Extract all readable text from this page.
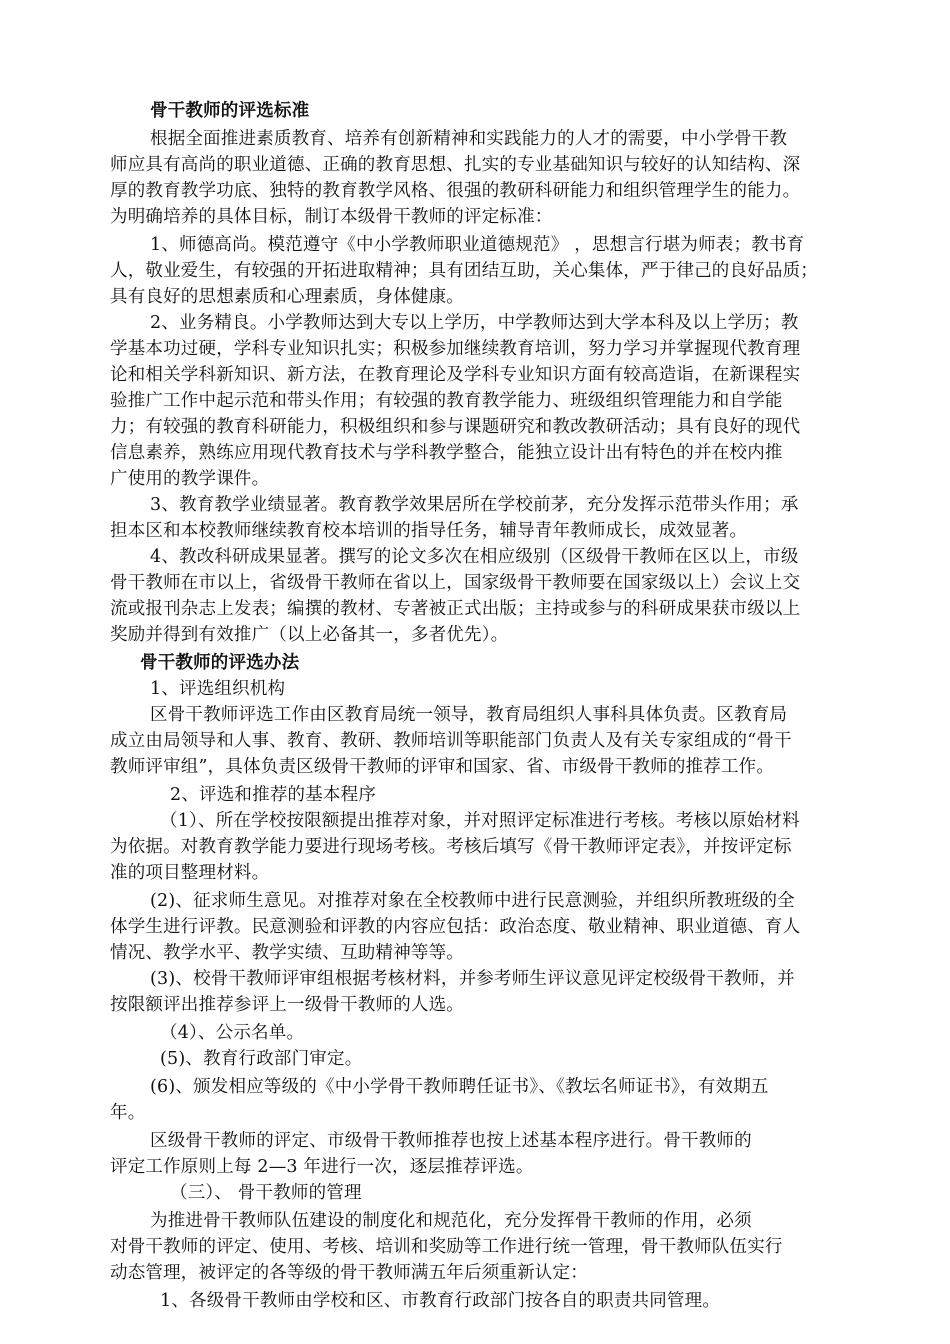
骨干教师的评选标准
根据全面推进素质教育、培养有创新精神和实践能力的人才的需要，中小学骨干教
师应具有高尚的职业道德、正确的教育思想、扎实的专业基础知识与较好的认知结构、深
厚的教育教学功底、独特的教育教学风格、很强的教研科研能力和组织管理学生的能力。
为明确培养的具体目标，制订本级骨干教师的评定标准：
1、师德高尚。模范遵守《中小学教师职业道德规范》 ，思想言行堪为师表；教书育
人，敬业爱生，有较强的开拓进取精神；具有团结互助，关心集体，严于律己的良好品质；
具有良好的思想素质和心理素质，身体健康。
2、业务精良。小学教师达到大专以上学历，中学教师达到大学本科及以上学历；教
学基本功过硬，学科专业知识扎实；积极参加继续教育培训，努力学习并掌握现代教育理
论和相关学科新知识、新方法，在教育理论及学科专业知识方面有较高造诣，在新课程实
验推广工作中起示范和带头作用；有较强的教育教学能力、班级组织管理能力和自学能
力；有较强的教育科研能力，积极组织和参与课题研究和教改教研活动；具有良好的现代
信息素养，熟练应用现代教育技术与学科教学整合，能独立设计出有特色的并在校内推
广使用的教学课件。
3、教育教学业绩显著。教育教学效果居所在学校前茅，充分发挥示范带头作用；承
担本区和本校教师继续教育校本培训的指导任务，辅导青年教师成长，成效显著。
4、教改科研成果显著。撰写的论文多次在相应级别（区级骨干教师在区以上，市级
骨干教师在市以上，省级骨干教师在省以上，国家级骨干教师要在国家级以上）会议上交
流或报刊杂志上发表；编撰的教材、专著被正式出版；主持或参与的科研成果获市级以上
奖励并得到有效推广（以上必备其一，多者优先）。
骨干教师的评选办法
1、评选组织机构
区骨干教师评选工作由区教育局统一领导，教育局组织人事科具体负责。区教育局
成立由局领导和人事、教育、教研、教师培训等职能部门负责人及有关专家组成的“骨干
教师评审组”，具体负责区级骨干教师的评审和国家、省、市级骨干教师的推荐工作。
2、评选和推荐的基本程序
（1）、所在学校按限额提出推荐对象，并对照评定标准进行考核。考核以原始材料
为依据。对教育教学能力要进行现场考核。考核后填写《骨干教师评定表》，并按评定标
准的项目整理材料。
(2)、征求师生意见。对推荐对象在全校教师中进行民意测验，并组织所教班级的全
体学生进行评教。民意测验和评教的内容应包括：政治态度、敬业精神、职业道德、育人
情况、教学水平、教学实绩、互助精神等等。
(3)、校骨干教师评审组根据考核材料，并参考师生评议意见评定校级骨干教师，并
按限额评出推荐参评上一级骨干教师的人选。
（4）、公示名单。
(5)、教育行政部门审定。
(6)、颁发相应等级的《中小学骨干教师聘任证书》、《教坛名师证书》，有效期五
年。
区级骨干教师的评定、市级骨干教师推荐也按上述基本程序进行。骨干教师的
评定工作原则上每 2—3 年进行一次，逐层推荐评选。
（三）、 骨干教师的管理
为推进骨干教师队伍建设的制度化和规范化，充分发挥骨干教师的作用，必须
对骨干教师的评定、使用、考核、培训和奖励等工作进行统一管理，骨干教师队伍实行
动态管理，被评定的各等级的骨干教师满五年后须重新认定：
1、各级骨干教师由学校和区、市教育行政部门按各自的职责共同管理。
